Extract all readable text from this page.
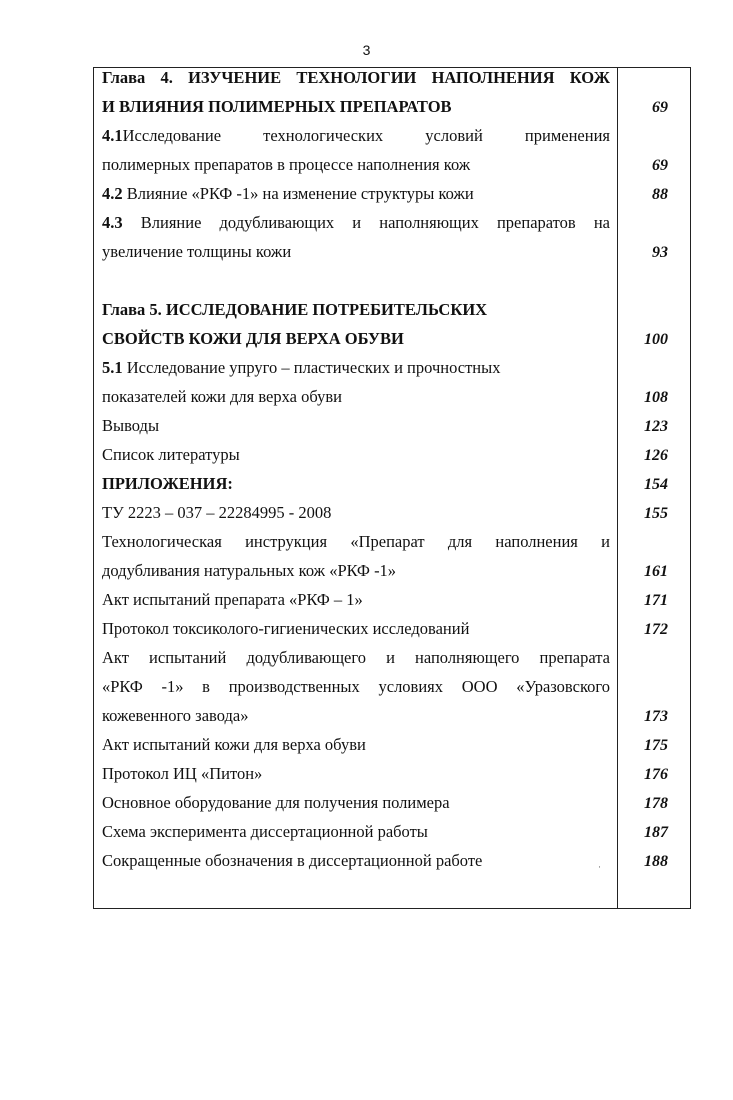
3
Глава 4. ИЗУЧЕНИЕ ТЕХНОЛОГИИ НАПОЛНЕНИЯ КОЖ
И ВЛИЯНИЯ ПОЛИМЕРНЫХ ПРЕПАРАТОВ	69
4.1Исследование технологических условий применения
полимерных препаратов в процессе наполнения кож	69
4.2 Влияние «РКФ -1» на изменение структуры кожи	88
4.3 Влияние додубливающих и наполняющих препаратов на
увеличение толщины кожи	93
Глава 5. ИССЛЕДОВАНИЕ ПОТРЕБИТЕЛЬСКИХ
СВОЙСТВ КОЖИ ДЛЯ ВЕРХА ОБУВИ	100
5.1 Исследование упруго – пластических и прочностных
показателей кожи для верха обуви	108
Выводы	123
Список литературы	126
ПРИЛОЖЕНИЯ:	154
ТУ 2223 – 037 – 22284995 - 2008	155
Технологическая инструкция «Препарат для наполнения и
додубливания натуральных кож «РКФ -1»	161
Акт испытаний препарата «РКФ – 1»	171
Протокол токсиколого-гигиенических исследований	172
Акт испытаний додубливающего и наполняющего препарата
«РКФ -1» в производственных условиях ООО «Уразовского
кожевенного завода»	173
Акт испытаний кожи для верха обуви	175
Протокол ИЦ «Питон»	176
Основное оборудование для получения полимера	178
Схема эксперимента диссертационной работы	187
Сокращенные обозначения в диссертационной работе	188
·
